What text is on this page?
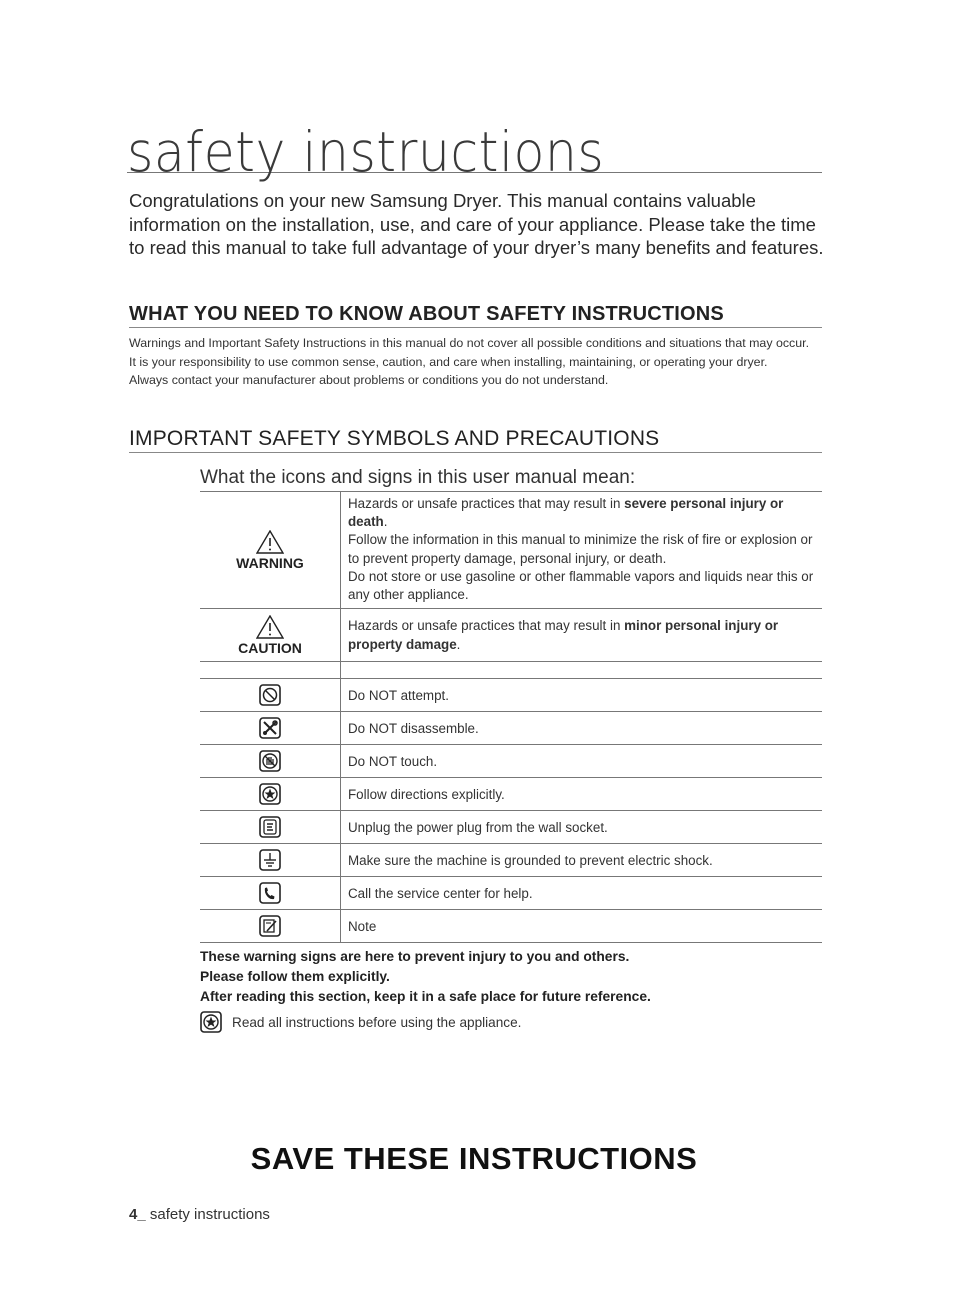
safety instructions
Congratulations on your new Samsung Dryer. This manual contains valuable information on the installation, use, and care of your appliance. Please take the time to read this manual to take full advantage of your dryer’s many benefits and features.
WHAT YOU NEED TO KNOW ABOUT SAFETY INSTRUCTIONS

Warnings and Important Safety Instructions in this manual do not cover all possible conditions and situations that may occur. It is your responsibility to use common sense, caution, and care when installing, maintaining, or operating your dryer.

Always contact your manufacturer about problems or conditions you do not understand.

IMPORTANT SAFETY SYMBOLS AND PRECAUTIONS
What the icons and signs in this user manual mean:
WARNING

Hazards or unsafe practices that may result in severe personal injury or death.

Follow the information in this manual to minimize the risk of fire or explosion or to prevent property damage, personal injury, or death.

Do not store or use gasoline or other flammable vapors and liquids near this or any other appliance.

CAUTION
Hazards or unsafe practices that may result in minor personal injury or property damage.
Do NOT attempt.
Do NOT disassemble.
Do NOT touch.
Follow directions explicitly.
Unplug the power plug from the wall socket.
Make sure the machine is grounded to prevent electric shock.
Call the service center for help.
Note

These warning signs are here to prevent injury to you and others.

Please follow them explicitly.

After reading this section, keep it in a safe place for future reference.

Read all instructions before using the appliance.
SAVE THESE INSTRUCTIONS
4_ safety instructions
